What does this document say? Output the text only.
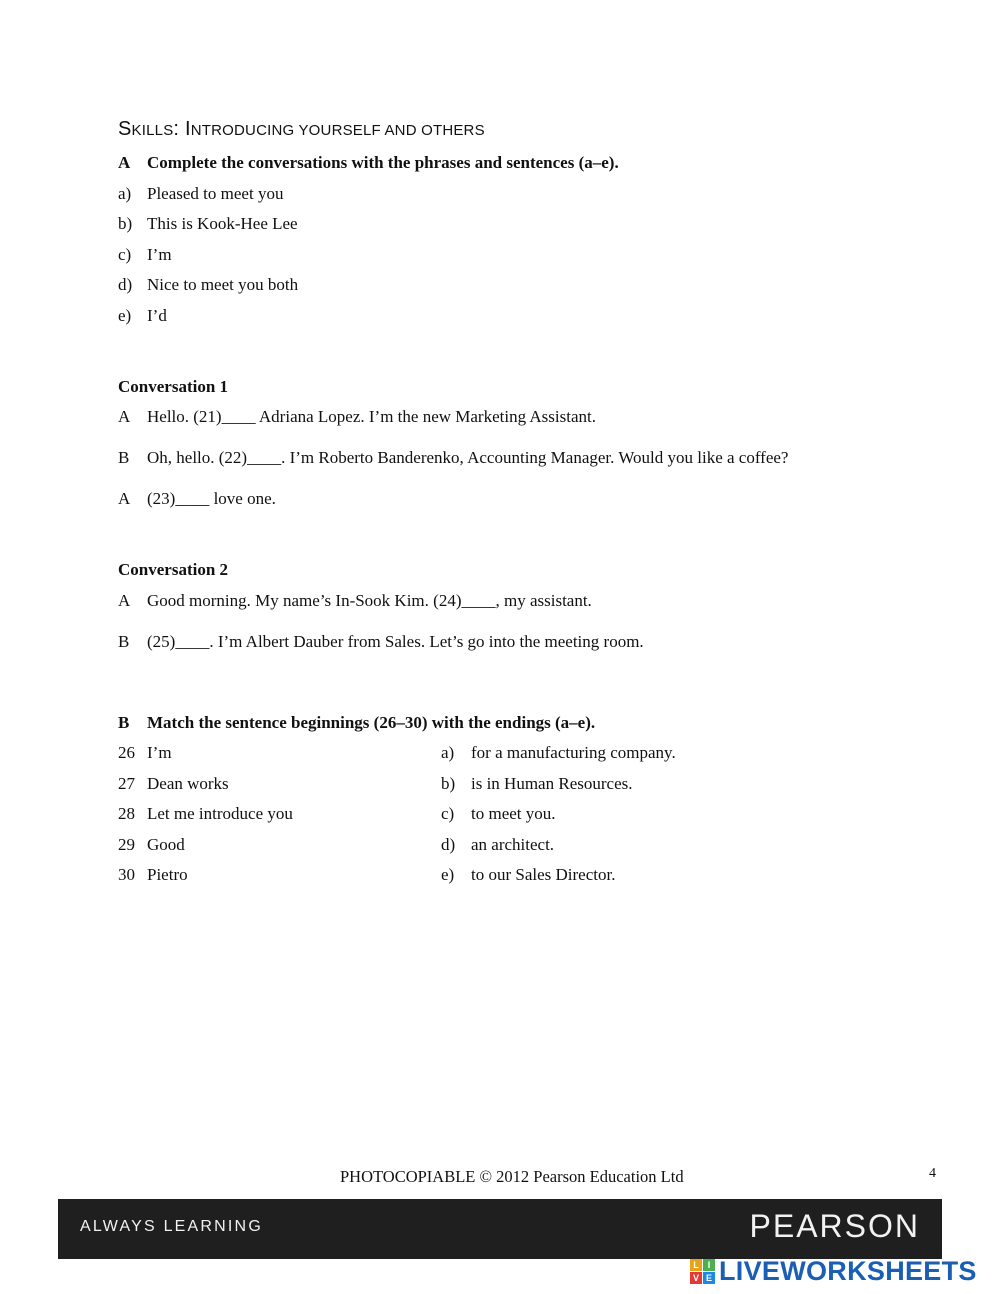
SKILLS: INTRODUCING YOURSELF AND OTHERS
A Complete the conversations with the phrases and sentences (a–e).
a) Pleased to meet you
b) This is Kook-Hee Lee
c) I’m
d) Nice to meet you both
e) I’d
Conversation 1
A Hello. (21)____ Adriana Lopez. I’m the new Marketing Assistant.
B Oh, hello. (22)____. I’m Roberto Banderenko, Accounting Manager. Would you like a coffee?
A (23)____ love one.
Conversation 2
A Good morning. My name’s In-Sook Kim. (24)____, my assistant.
B (25)____. I’m Albert Dauber from Sales. Let’s go into the meeting room.
B Match the sentence beginnings (26–30) with the endings (a–e).
26 I’m	a) for a manufacturing company.
27 Dean works	b) is in Human Resources.
28 Let me introduce you	c) to meet you.
29 Good	d) an architect.
30 Pietro	e) to our Sales Director.
PHOTOCOPIABLE © 2012 Pearson Education Ltd	4
ALWAYS LEARNING	PEARSON
L I
V E LIVEWORKSHEETS
